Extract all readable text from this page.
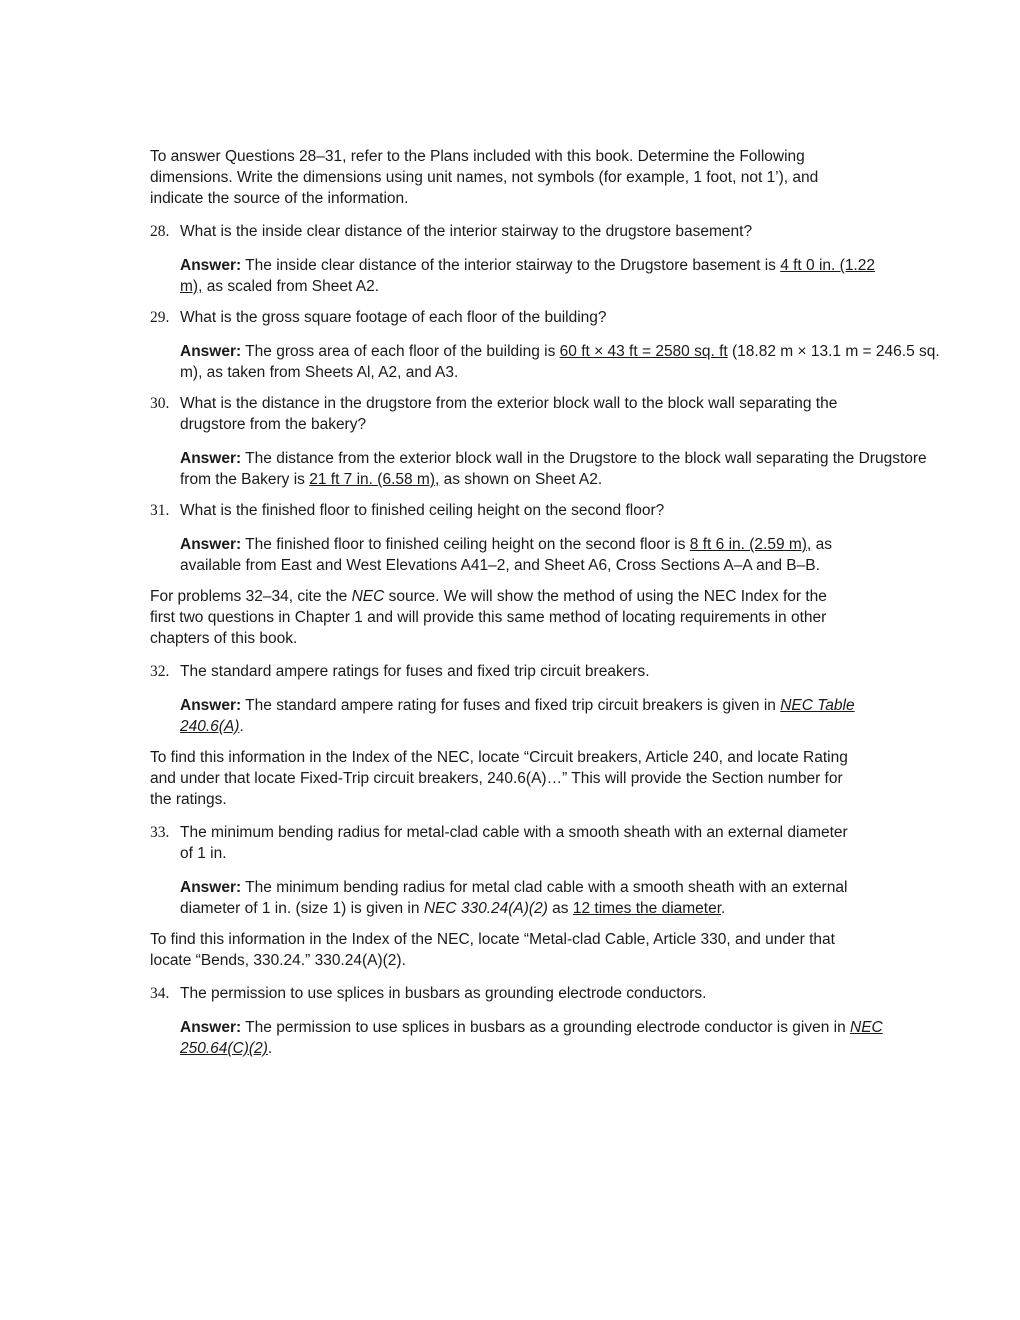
To answer Questions 28–31, refer to the Plans included with this book. Determine the Following dimensions. Write the dimensions using unit names, not symbols (for example, 1 foot, not 1’), and indicate the source of the information.

28. What is the inside clear distance of the interior stairway to the drugstore basement?

Answer: The inside clear distance of the interior stairway to the Drugstore basement is 4 ft 0 in. (1.22 m), as scaled from Sheet A2.

29. What is the gross square footage of each floor of the building?

Answer: The gross area of each floor of the building is 60 ft × 43 ft = 2580 sq. ft (18.82 m × 13.1 m = 246.5 sq. m), as taken from Sheets Al, A2, and A3.

30. What is the distance in the drugstore from the exterior block wall to the block wall separating the drugstore from the bakery?

Answer: The distance from the exterior block wall in the Drugstore to the block wall separating the Drugstore from the Bakery is 21 ft 7 in. (6.58 m), as shown on Sheet A2.

31. What is the finished floor to finished ceiling height on the second floor?

Answer: The finished floor to finished ceiling height on the second floor is 8 ft 6 in. (2.59 m), as available from East and West Elevations A41–2, and Sheet A6, Cross Sections A–A and B–B.

For problems 32–34, cite the NEC source. We will show the method of using the NEC Index for the first two questions in Chapter 1 and will provide this same method of locating requirements in other chapters of this book.

32. The standard ampere ratings for fuses and fixed trip circuit breakers.

Answer: The standard ampere rating for fuses and fixed trip circuit breakers is given in NEC Table 240.6(A).

To find this information in the Index of the NEC, locate “Circuit breakers, Article 240, and locate Rating and under that locate Fixed-Trip circuit breakers, 240.6(A)…” This will provide the Section number for the ratings.

33. The minimum bending radius for metal-clad cable with a smooth sheath with an external diameter of 1 in.

Answer: The minimum bending radius for metal clad cable with a smooth sheath with an external diameter of 1 in. (size 1) is given in NEC 330.24(A)(2) as 12 times the diameter.

To find this information in the Index of the NEC, locate “Metal-clad Cable, Article 330, and under that locate “Bends, 330.24.” 330.24(A)(2).

34. The permission to use splices in busbars as grounding electrode conductors.

Answer: The permission to use splices in busbars as a grounding electrode conductor is given in NEC 250.64(C)(2).
